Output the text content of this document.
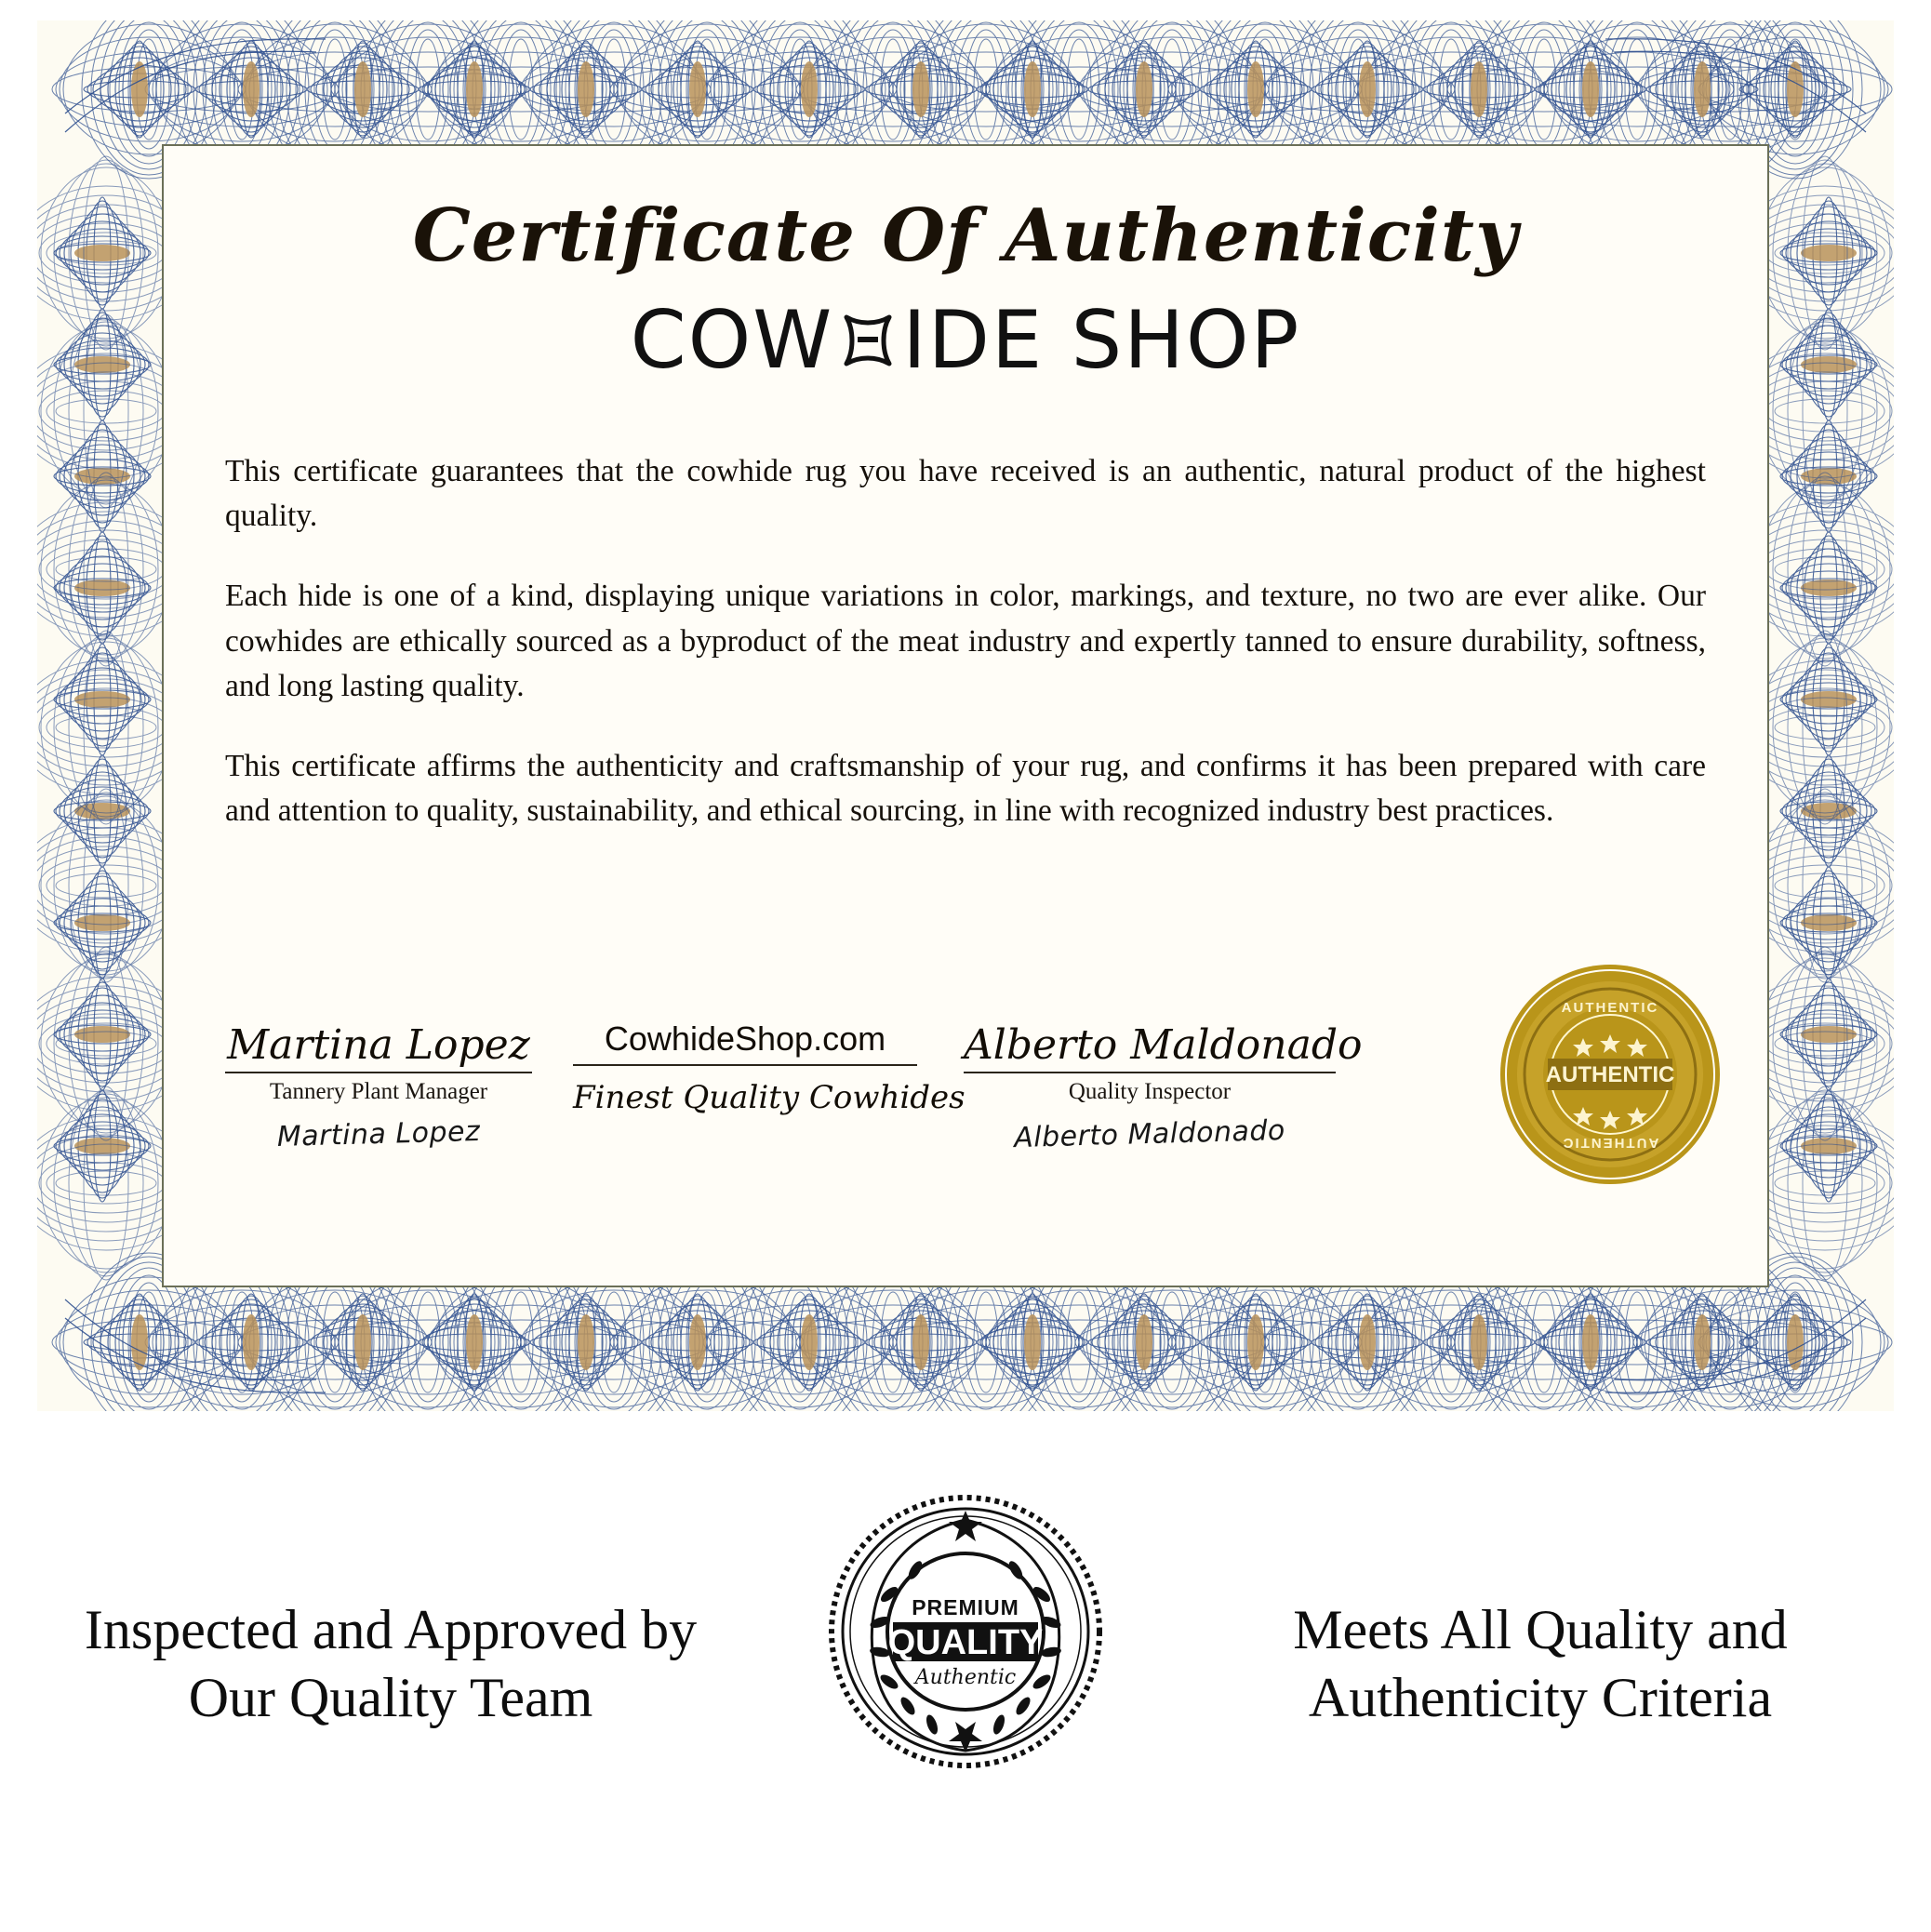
Certificate Of Authenticity
COW IDE SHOP

This certificate guarantees that the cowhide rug you have received is an authentic, natural product of the highest quality.

Each hide is one of a kind, displaying unique variations in color, markings, and texture, no two are ever alike. Our cowhides are ethically sourced as a byproduct of the meat industry and expertly tanned to ensure durability, softness, and long lasting quality.

This certificate affirms the authenticity and craftsmanship of your rug, and confirms it has been prepared with care and attention to quality, sustainability, and ethical sourcing, in line with recognized industry best practices.

Martina Lopez
Tannery Plant Manager
Martina Lopez
CowhideShop.com
Finest Quality Cowhides
Alberto Maldonado
Quality Inspector
Alberto Maldonado
AUTHENTIC
AUTHENTIC
AUTHENTIC
Inspected and Approved by Our Quality Team
PREMIUM
QUALITY
Authentic
Meets All Quality and Authenticity Criteria
